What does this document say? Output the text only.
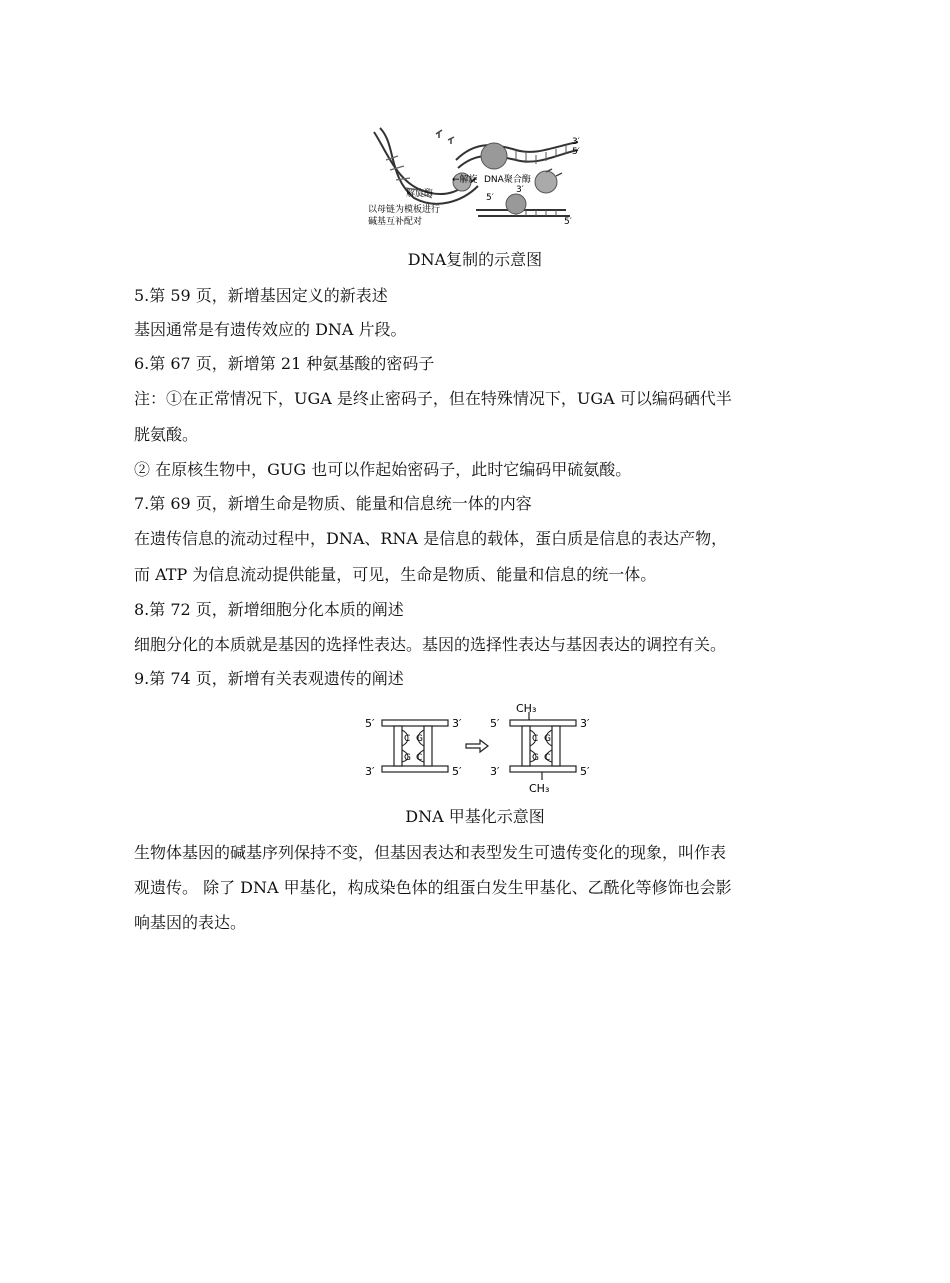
3′
5′
←解旋 DNA聚合酶
5′
3′
解旋酶
以母链为模板进行
碱基互补配对	5′
DNA复制的示意图
5.第 59 页，新增基因定义的新表述
基因通常是有遗传效应的 DNA 片段。
6.第 67 页，新增第 21 种氨基酸的密码子
注：①在正常情况下，UGA 是终止密码子，但在特殊情况下，UGA 可以编码硒代半
胱氨酸。
② 在原核生物中，GUG 也可以作起始密码子，此时它编码甲硫氨酸。
7.第 69 页，新增生命是物质、能量和信息统一体的内容
在遗传信息的流动过程中，DNA、RNA 是信息的载体，蛋白质是信息的表达产物，
而 ATP 为信息流动提供能量，可见，生命是物质、能量和信息的统一体。
8.第 72 页，新增细胞分化本质的阐述
细胞分化的本质就是基因的选择性表达。基因的选择性表达与基因表达的调控有关。
9.第 74 页，新增有关表观遗传的阐述
5′	3′
3′	5′
C
G
G
C
CH₃
CH₃
5′	3′
3′	5′
C
G
G
C
DNA 甲基化示意图
生物体基因的碱基序列保持不变，但基因表达和表型发生可遗传变化的现象，叫作表
观遗传。 除了 DNA 甲基化，构成染色体的组蛋白发生甲基化、乙酰化等修饰也会影
响基因的表达。
